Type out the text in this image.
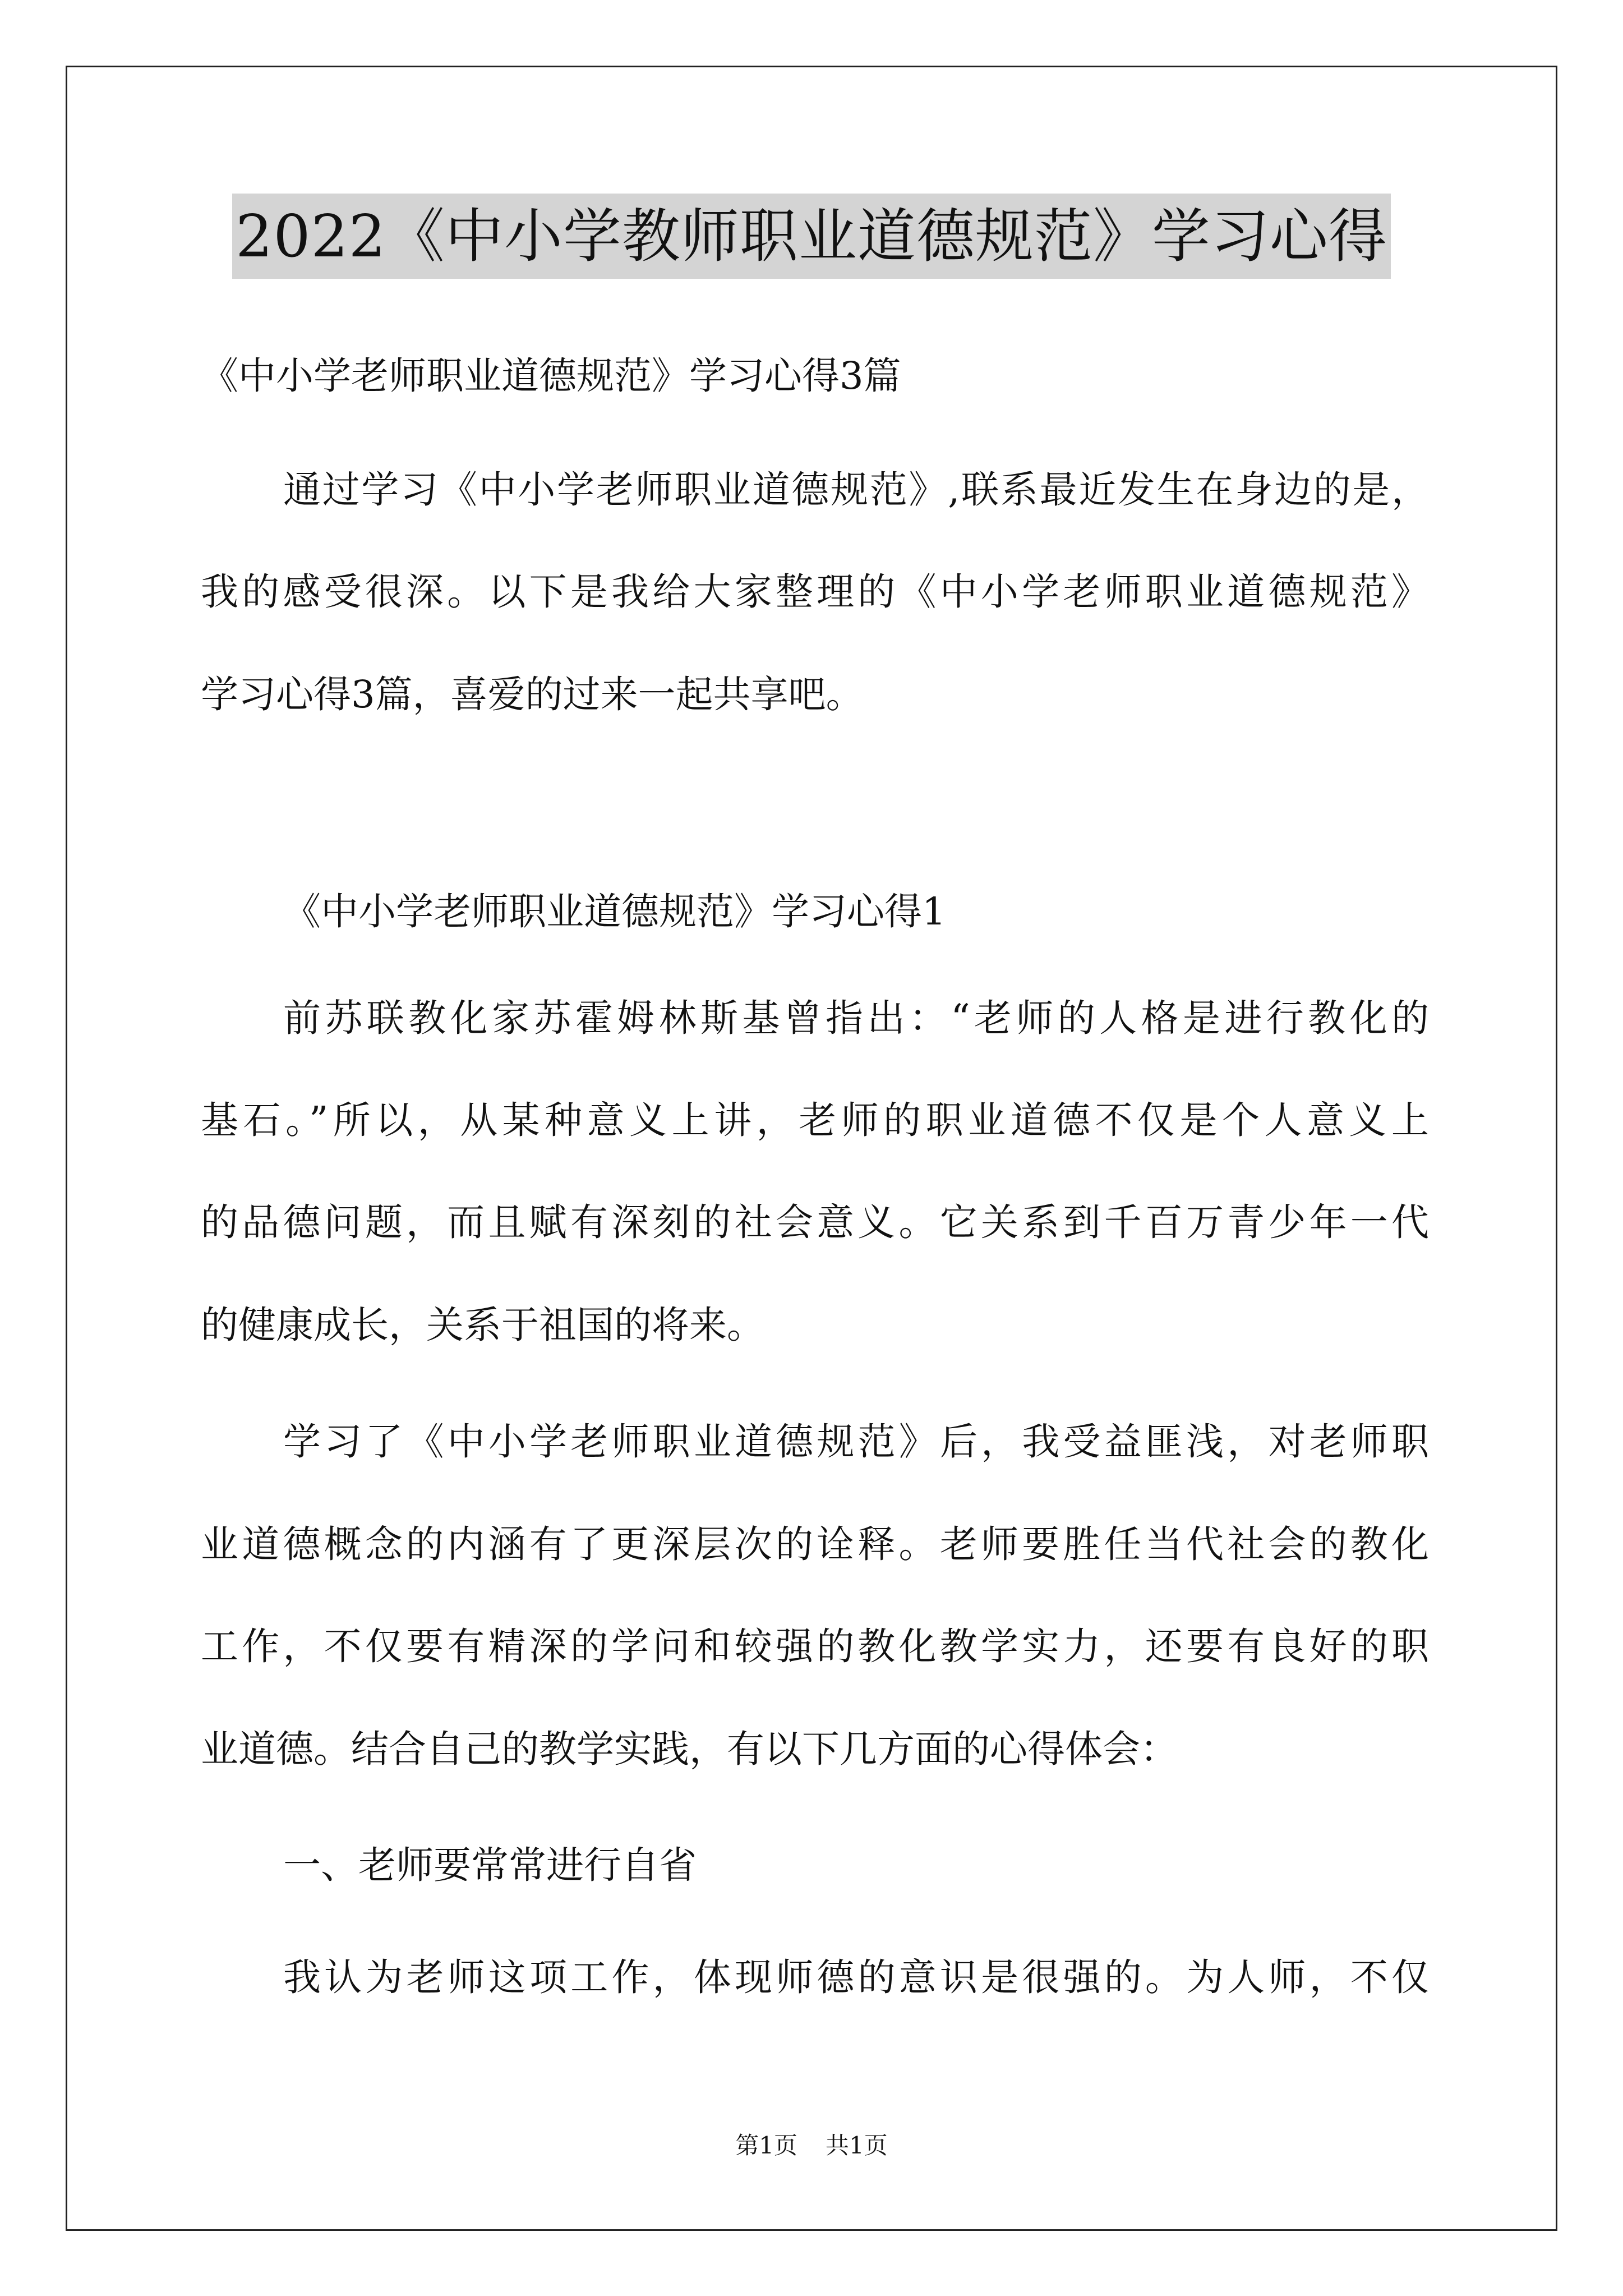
2022《中小学教师职业道德规范》学习心得
《中小学老师职业道德规范》学习心得3篇
通过学习《中小学老师职业道德规范》,联系最近发生在身边的是，
我的感受很深。以下是我给大家整理的《中小学老师职业道德规范》
学习心得3篇，喜爱的过来一起共享吧。
《中小学老师职业道德规范》学习心得1
前苏联教化家苏霍姆林斯基曾指出：“老师的人格是进行教化的
基石。”所以，从某种意义上讲，老师的职业道德不仅是个人意义上
的品德问题，而且赋有深刻的社会意义。它关系到千百万青少年一代
的健康成长，关系于祖国的将来。
学习了《中小学老师职业道德规范》后，我受益匪浅，对老师职
业道德概念的内涵有了更深层次的诠释。老师要胜任当代社会的教化
工作，不仅要有精深的学问和较强的教化教学实力，还要有良好的职
业道德。结合自己的教学实践，有以下几方面的心得体会：
一、老师要常常进行自省
我认为老师这项工作，体现师德的意识是很强的。为人师，不仅
第1页 共1页
